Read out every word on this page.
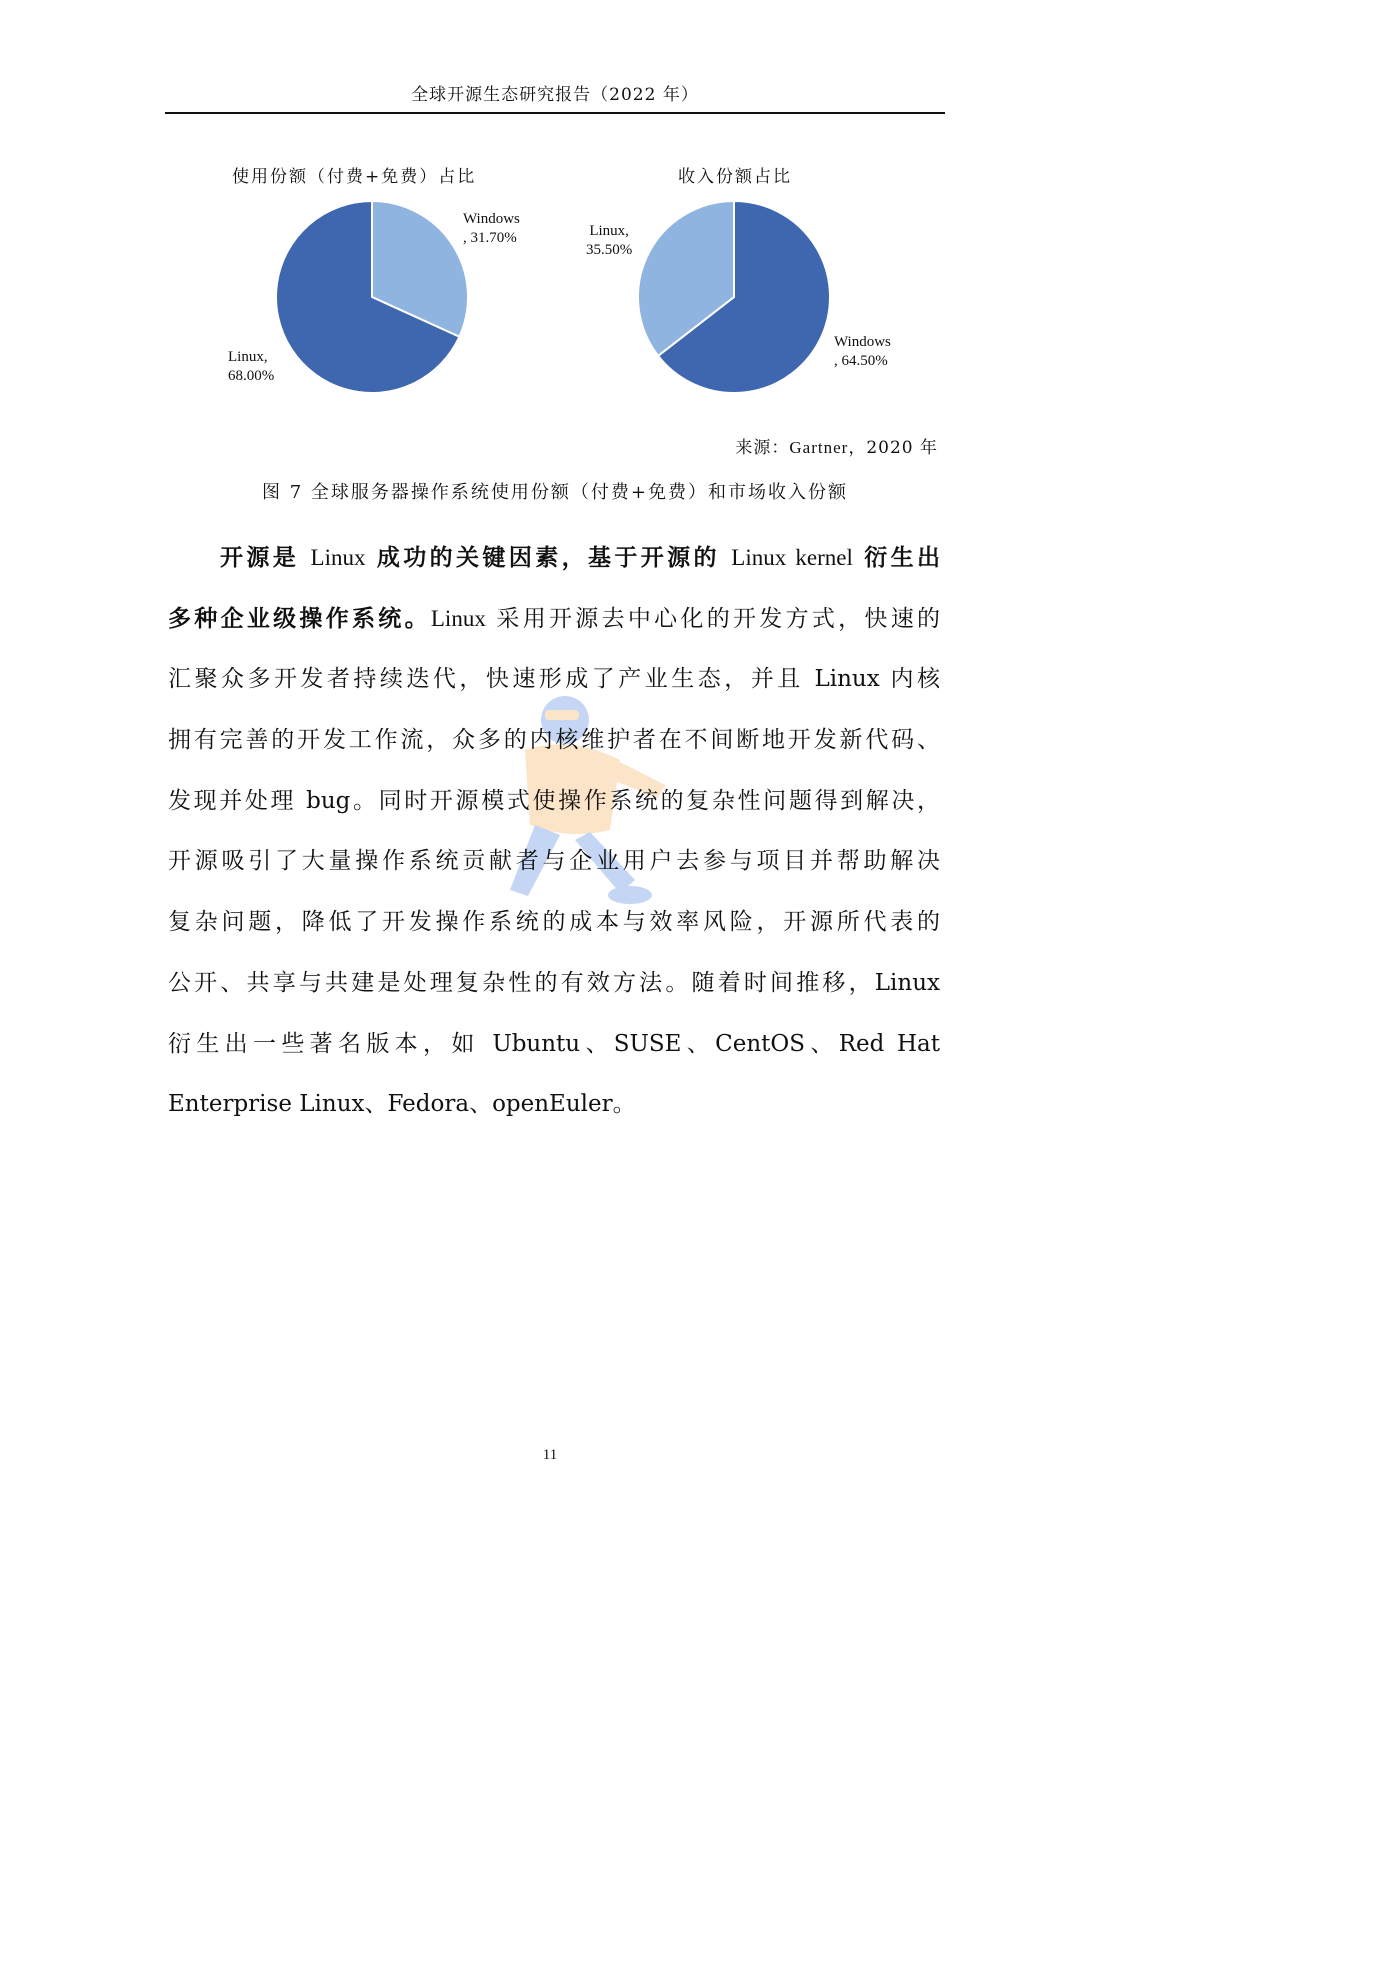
全球开源生态研究报告（2022 年）
使用份额（付费+免费）占比
Windows
, 31.70%
Linux,
68.00%
收入份额占比
Linux,
35.50%
Windows
, 64.50%
来源：Gartner，2020 年
图 7 全球服务器操作系统使用份额（付费+免费）和市场收入份额
开源是 Linux 成功的关键因素，基于开源的 Linux kernel 衍生出
多种企业级操作系统。Linux 采用开源去中心化的开发方式，快速的
汇聚众多开发者持续迭代，快速形成了产业生态，并且 Linux 内核
拥有完善的开发工作流，众多的内核维护者在不间断地开发新代码、
发现并处理 bug。同时开源模式使操作系统的复杂性问题得到解决，
开源吸引了大量操作系统贡献者与企业用户去参与项目并帮助解决
复杂问题，降低了开发操作系统的成本与效率风险，开源所代表的
公开、共享与共建是处理复杂性的有效方法。随着时间推移，Linux
衍生出一些著名版本，如 Ubuntu、SUSE、CentOS、Red Hat
Enterprise Linux、Fedora、openEuler。
11
